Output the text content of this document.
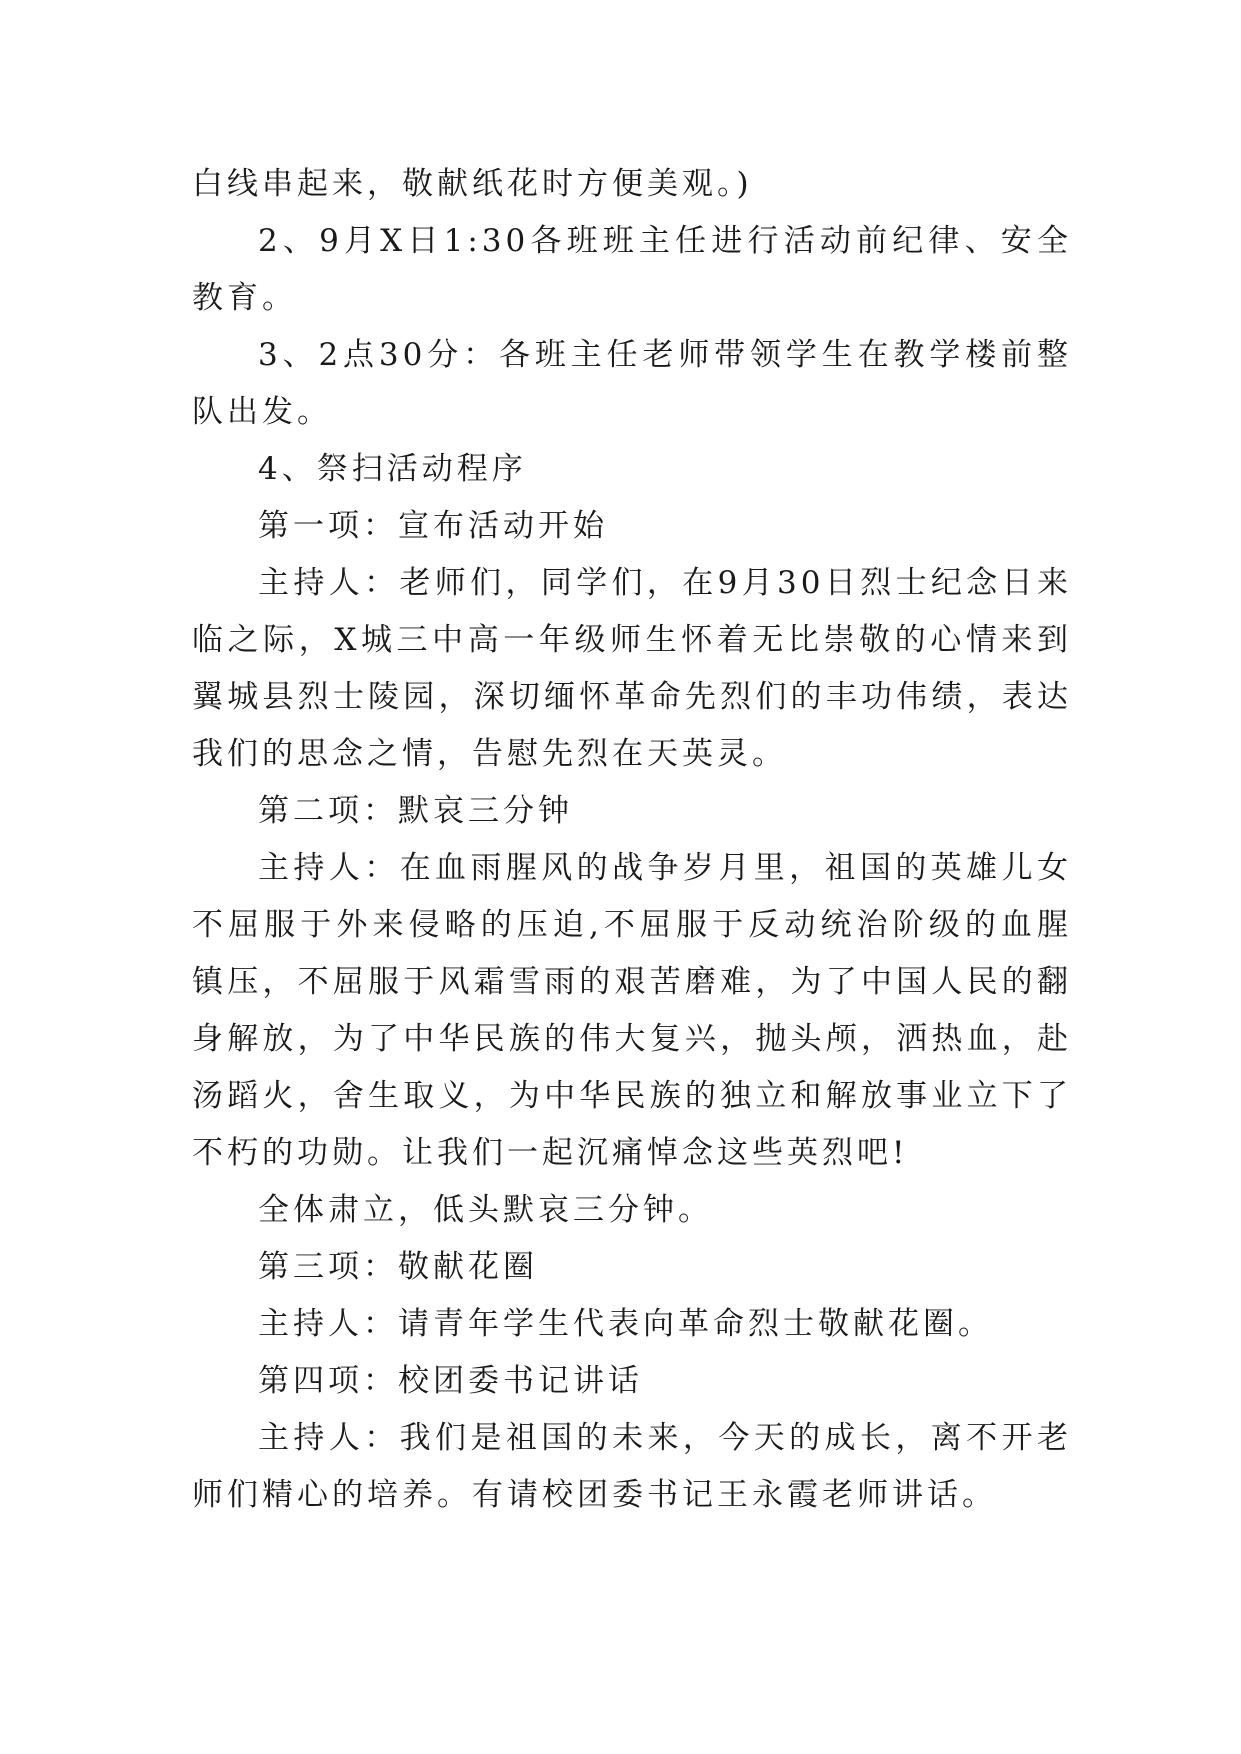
白线串起来，敬献纸花时方便美观。)

2、9月X日1:30各班班主任进行活动前纪律、安全教育。

3、2点30分：各班主任老师带领学生在教学楼前整队出发。

4、祭扫活动程序

第一项：宣布活动开始

主持人：老师们，同学们，在9月30日烈士纪念日来临之际，X城三中高一年级师生怀着无比崇敬的心情来到翼城县烈士陵园，深切缅怀革命先烈们的丰功伟绩，表达我们的思念之情，告慰先烈在天英灵。

第二项：默哀三分钟

主持人：在血雨腥风的战争岁月里，祖国的英雄儿女不屈服于外来侵略的压迫,不屈服于反动统治阶级的血腥镇压，不屈服于风霜雪雨的艰苦磨难，为了中国人民的翻身解放，为了中华民族的伟大复兴，抛头颅，洒热血，赴汤蹈火，舍生取义，为中华民族的独立和解放事业立下了不朽的功勋。让我们一起沉痛悼念这些英烈吧!

全体肃立，低头默哀三分钟。

第三项：敬献花圈

主持人：请青年学生代表向革命烈士敬献花圈。

第四项：校团委书记讲话

主持人：我们是祖国的未来，今天的成长，离不开老师们精心的培养。有请校团委书记王永霞老师讲话。
